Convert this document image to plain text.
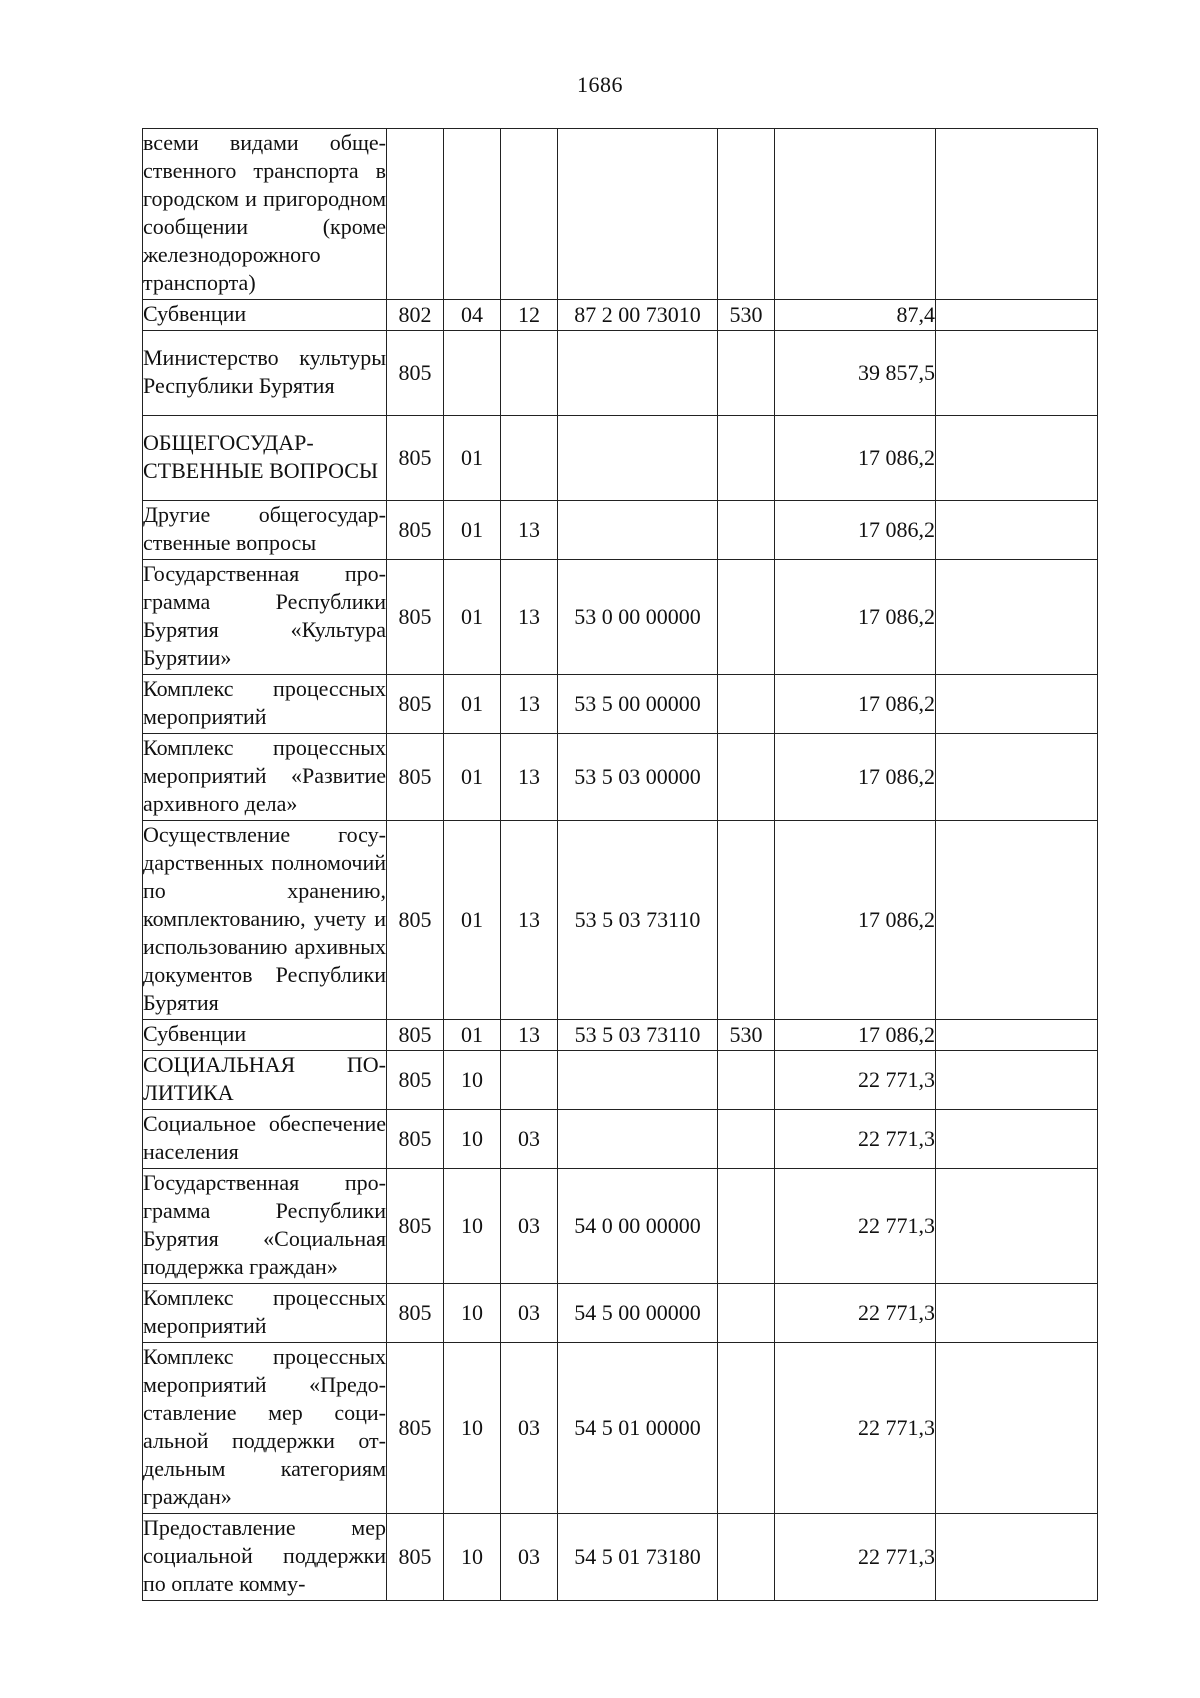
1686
всеми видами общественного транспорта в городском и пригородном сообщении (кроме железнодорожного транспорта)							

Субвенции	802	04	12	87 2 00 73010	530	87,4	

Министерство культуры Республики Бурятия	805					39 857,5	

ОБЩЕГОСУДАРСТВЕННЫЕ ВОПРОСЫ	805	01				17 086,2	

Другие общегосударственные вопросы	805	01	13			17 086,2	

Государственная программа Республики Бурятия «Культура Бурятии»	805	01	13	53 0 00 00000		17 086,2	

Комплекс процессных мероприятий	805	01	13	53 5 00 00000		17 086,2	

Комплекс процессных мероприятий «Развитие архивного дела»	805	01	13	53 5 03 00000		17 086,2	

Осуществление государственных полномочий по хранению, комплектованию, учету и использованию архивных документов Республики Бурятия	805	01	13	53 5 03 73110		17 086,2	

Субвенции	805	01	13	53 5 03 73110	530	17 086,2	

СОЦИАЛЬНАЯ ПОЛИТИКА	805	10				22 771,3	

Социальное обеспечение населения	805	10	03			22 771,3	

Государственная программа Республики Бурятия «Социальная поддержка граждан»	805	10	03	54 0 00 00000		22 771,3	

Комплекс процессных мероприятий	805	10	03	54 5 00 00000		22 771,3	

Комплекс процессных мероприятий «Предоставление мер социальной поддержки отдельным категориям граждан»	805	10	03	54 5 01 00000		22 771,3	

Предоставление мер социальной поддержки по оплате комму-	805	10	03	54 5 01 73180		22 771,3	
